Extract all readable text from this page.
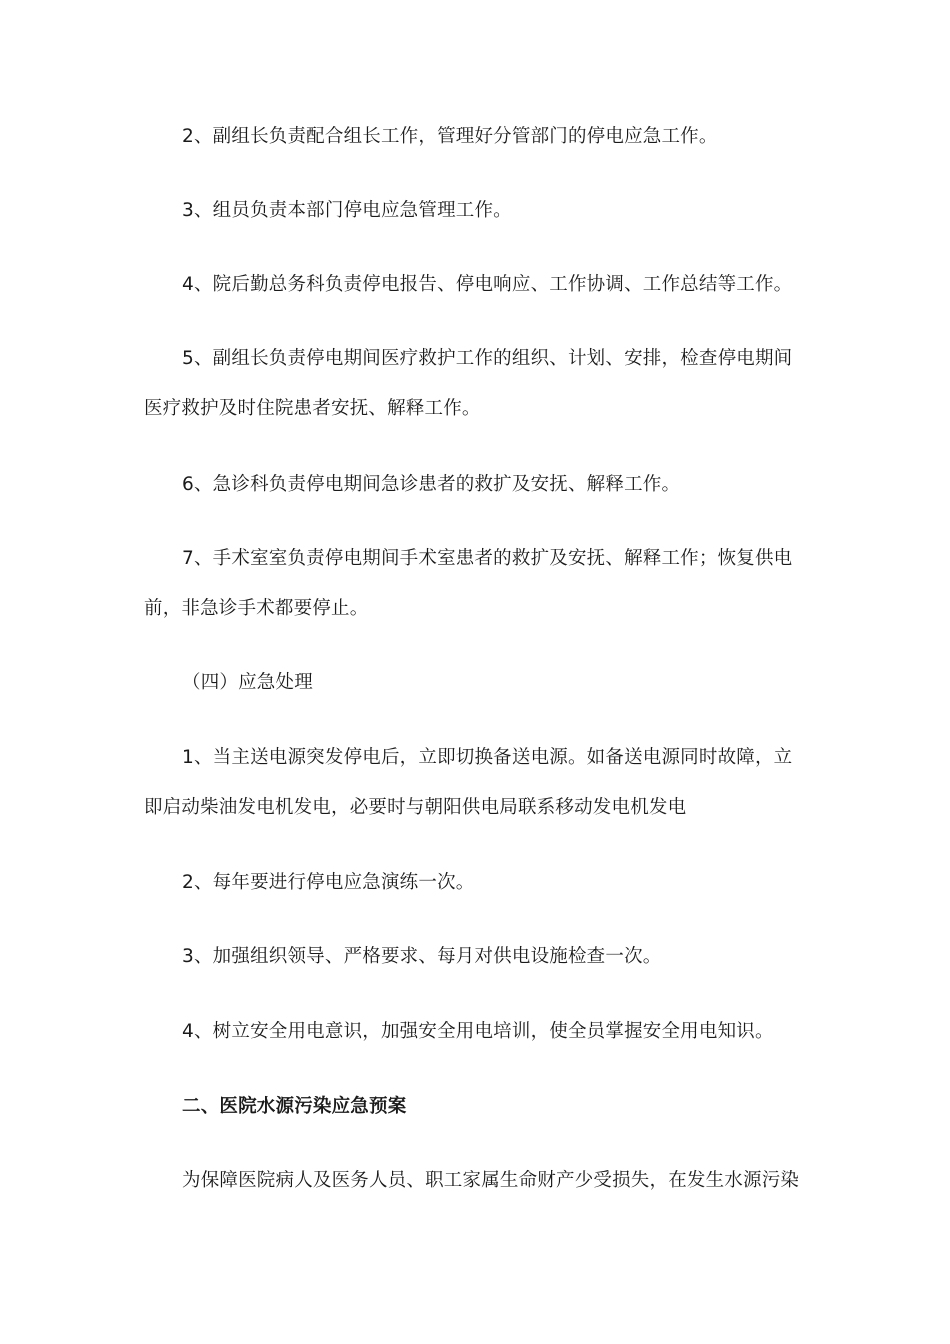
2、副组长负责配合组长工作，管理好分管部门的停电应急工作。
3、组员负责本部门停电应急管理工作。
4、院后勤总务科负责停电报告、停电响应、工作协调、工作总结等工作。
5、副组长负责停电期间医疗救护工作的组织、计划、安排，检查停电期间
医疗救护及时住院患者安抚、解释工作。
6、急诊科负责停电期间急诊患者的救扩及安抚、解释工作。
7、手术室室负责停电期间手术室患者的救扩及安抚、解释工作；恢复供电
前，非急诊手术都要停止。
（四）应急处理
1、当主送电源突发停电后，立即切换备送电源。如备送电源同时故障，立
即启动柴油发电机发电，必要时与朝阳供电局联系移动发电机发电
2、每年要进行停电应急演练一次。
3、加强组织领导、严格要求、每月对供电设施检查一次。
4、树立安全用电意识，加强安全用电培训，使全员掌握安全用电知识。
二、医院水源污染应急预案
为保障医院病人及医务人员、职工家属生命财产少受损失，在发生水源污染
